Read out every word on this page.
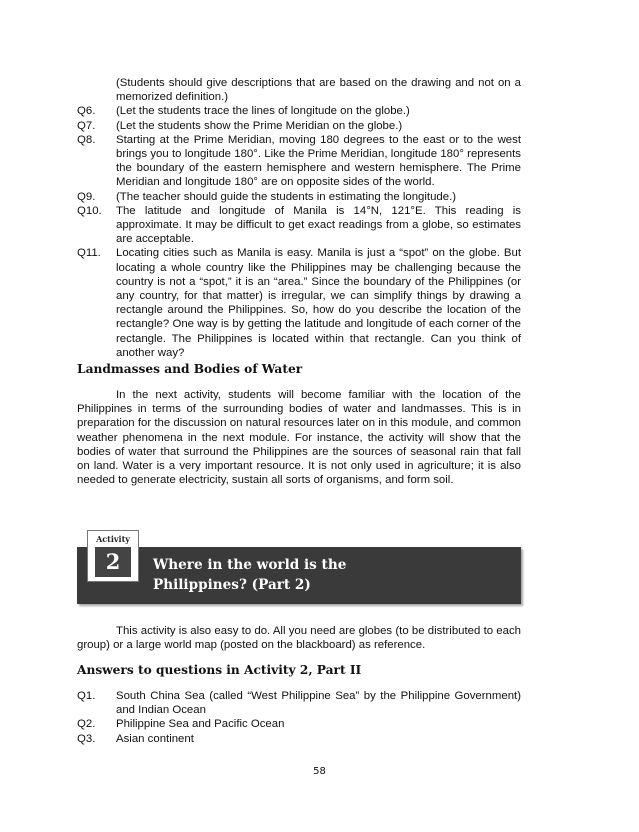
(Students should give descriptions that are based on the drawing and not on a memorized definition.)
Q6.	(Let the students trace the lines of longitude on the globe.)
Q7.	(Let the students show the Prime Meridian on the globe.)
Q8.	Starting at the Prime Meridian, moving 180 degrees to the east or to the west brings you to longitude 180°. Like the Prime Meridian, longitude 180° represents the boundary of the eastern hemisphere and western hemisphere. The Prime Meridian and longitude 180° are on opposite sides of the world.
Q9.	(The teacher should guide the students in estimating the longitude.)
Q10.	The latitude and longitude of Manila is 14°N, 121°E. This reading is approximate. It may be difficult to get exact readings from a globe, so estimates are acceptable.
Q11.	Locating cities such as Manila is easy. Manila is just a “spot” on the globe. But locating a whole country like the Philippines may be challenging because the country is not a “spot,” it is an “area.” Since the boundary of the Philippines (or any country, for that matter) is irregular, we can simplify things by drawing a rectangle around the Philippines. So, how do you describe the location of the rectangle? One way is by getting the latitude and longitude of each corner of the rectangle. The Philippines is located within that rectangle. Can you think of another way?
Landmasses and Bodies of Water

In the next activity, students will become familiar with the location of the Philippines in terms of the surrounding bodies of water and landmasses. This is in preparation for the discussion on natural resources later on in this module, and common weather phenomena in the next module. For instance, the activity will show that the bodies of water that surround the Philippines are the sources of seasonal rain that fall on land. Water is a very important resource. It is not only used in agriculture; it is also needed to generate electricity, sustain all sorts of organisms, and form soil.

Where in the world is the
Philippines? (Part 2)
Activity
2

This activity is also easy to do. All you need are globes (to be distributed to each group) or a large world map (posted on the blackboard) as reference.

Answers to questions in Activity 2, Part II
Q1.	South China Sea (called “West Philippine Sea” by the Philippine Government) and Indian Ocean
Q2.	Philippine Sea and Pacific Ocean
Q3.	Asian continent
58
